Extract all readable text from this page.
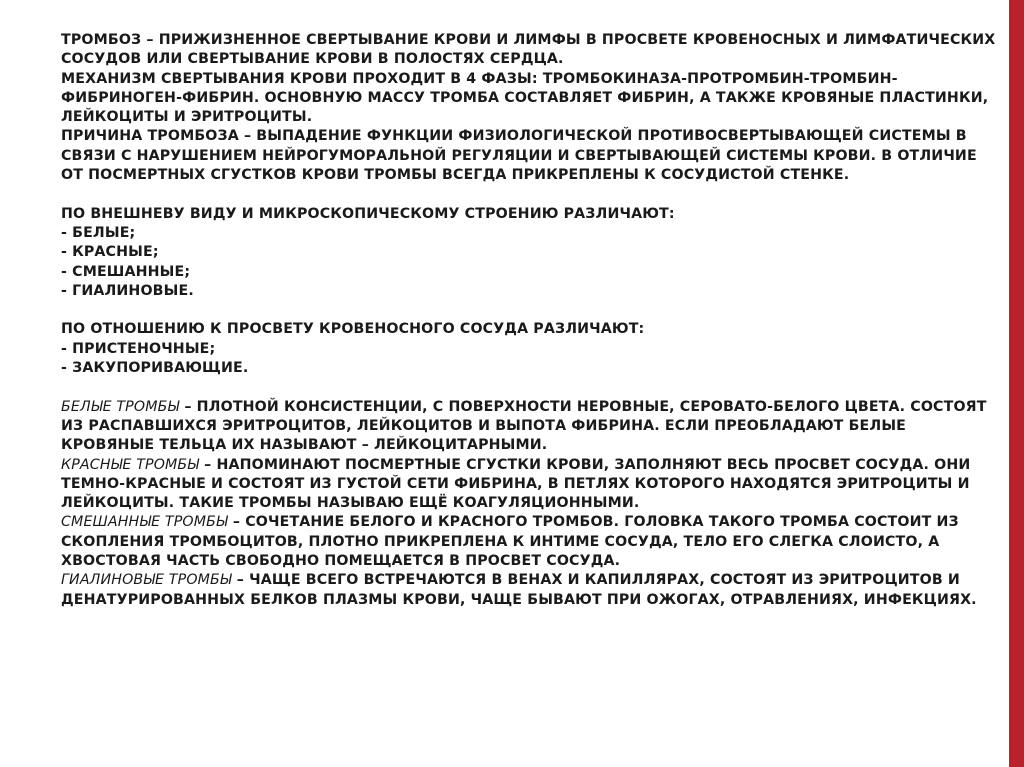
ТРОМБОЗ – ПРИЖИЗНЕННОЕ СВЕРТЫВАНИЕ КРОВИ И ЛИМФЫ В ПРОСВЕТЕ КРОВЕНОСНЫХ И ЛИМФАТИЧЕСКИХ СОСУДОВ ИЛИ СВЕРТЫВАНИЕ КРОВИ В ПОЛОСТЯХ СЕРДЦА.

МЕХАНИЗМ СВЕРТЫВАНИЯ КРОВИ ПРОХОДИТ В 4 ФАЗЫ: ТРОМБОКИНАЗА-ПРОТРОМБИН-ТРОМБИН-ФИБРИНОГЕН-ФИБРИН. ОСНОВНУЮ МАССУ ТРОМБА СОСТАВЛЯЕТ ФИБРИН, А ТАКЖЕ КРОВЯНЫЕ ПЛАСТИНКИ, ЛЕЙКОЦИТЫ И ЭРИТРОЦИТЫ.

ПРИЧИНА ТРОМБОЗА – ВЫПАДЕНИЕ ФУНКЦИИ ФИЗИОЛОГИЧЕСКОЙ ПРОТИВОСВЕРТЫВАЮЩЕЙ СИСТЕМЫ В СВЯЗИ С НАРУШЕНИЕМ НЕЙРОГУМОРАЛЬНОЙ РЕГУЛЯЦИИ И СВЕРТЫВАЮЩЕЙ СИСТЕМЫ КРОВИ. В ОТЛИЧИЕ ОТ ПОСМЕРТНЫХ СГУСТКОВ КРОВИ ТРОМБЫ ВСЕГДА ПРИКРЕПЛЕНЫ К СОСУДИСТОЙ СТЕНКЕ.

ПО ВНЕШНЕВУ ВИДУ И МИКРОСКОПИЧЕСКОМУ СТРОЕНИЮ РАЗЛИЧАЮТ:

- БЕЛЫЕ;

- КРАСНЫЕ;

- СМЕШАННЫЕ;

- ГИАЛИНОВЫЕ.

ПО ОТНОШЕНИЮ К ПРОСВЕТУ КРОВЕНОСНОГО СОСУДА РАЗЛИЧАЮТ:

- ПРИСТЕНОЧНЫЕ;

- ЗАКУПОРИВАЮЩИЕ.

БЕЛЫЕ ТРОМБЫ – ПЛОТНОЙ КОНСИСТЕНЦИИ, С ПОВЕРХНОСТИ НЕРОВНЫЕ, СЕРОВАТО-БЕЛОГО ЦВЕТА. СОСТОЯТ ИЗ РАСПАВШИХСЯ ЭРИТРОЦИТОВ, ЛЕЙКОЦИТОВ И ВЫПОТА ФИБРИНА. ЕСЛИ ПРЕОБЛАДАЮТ БЕЛЫЕ КРОВЯНЫЕ ТЕЛЬЦА ИХ НАЗЫВАЮТ – ЛЕЙКОЦИТАРНЫМИ.

КРАСНЫЕ ТРОМБЫ – НАПОМИНАЮТ ПОСМЕРТНЫЕ СГУСТКИ КРОВИ, ЗАПОЛНЯЮТ ВЕСЬ ПРОСВЕТ СОСУДА. ОНИ ТЕМНО-КРАСНЫЕ И СОСТОЯТ ИЗ ГУСТОЙ СЕТИ ФИБРИНА, В ПЕТЛЯХ КОТОРОГО НАХОДЯТСЯ ЭРИТРОЦИТЫ И ЛЕЙКОЦИТЫ. ТАКИЕ ТРОМБЫ НАЗЫВАЮ ЕЩЁ КОАГУЛЯЦИОННЫМИ.

СМЕШАННЫЕ ТРОМБЫ – СОЧЕТАНИЕ БЕЛОГО И КРАСНОГО ТРОМБОВ. ГОЛОВКА ТАКОГО ТРОМБА СОСТОИТ ИЗ СКОПЛЕНИЯ ТРОМБОЦИТОВ, ПЛОТНО ПРИКРЕПЛЕНА К ИНТИМЕ СОСУДА, ТЕЛО ЕГО СЛЕГКА СЛОИСТО, А ХВОСТОВАЯ ЧАСТЬ СВОБОДНО ПОМЕЩАЕТСЯ В ПРОСВЕТ СОСУДА.

ГИАЛИНОВЫЕ ТРОМБЫ – ЧАЩЕ ВСЕГО ВСТРЕЧАЮТСЯ В ВЕНАХ И КАПИЛЛЯРАХ, СОСТОЯТ ИЗ ЭРИТРОЦИТОВ И ДЕНАТУРИРОВАННЫХ БЕЛКОВ ПЛАЗМЫ КРОВИ, ЧАЩЕ БЫВАЮТ ПРИ ОЖОГАХ, ОТРАВЛЕНИЯХ, ИНФЕКЦИЯХ.
